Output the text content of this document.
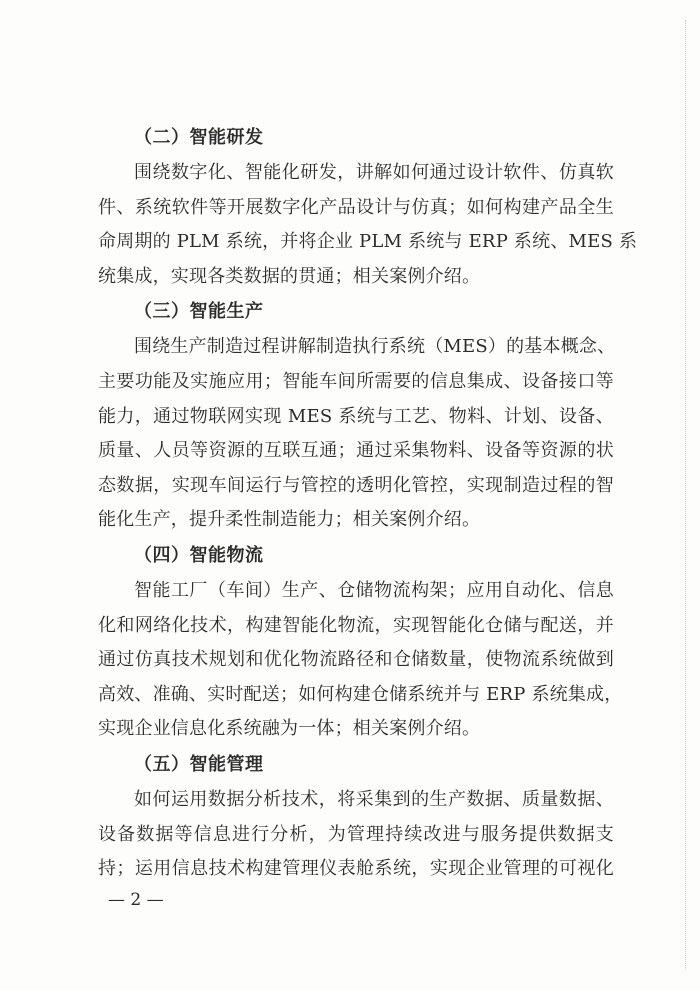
（二）智能研发
围绕数字化、智能化研发，讲解如何通过设计软件、仿真软
件、系统软件等开展数字化产品设计与仿真；如何构建产品全生
命周期的 PLM 系统，并将企业 PLM 系统与 ERP 系统、MES 系
统集成，实现各类数据的贯通；相关案例介绍。
（三）智能生产
围绕生产制造过程讲解制造执行系统（MES）的基本概念、
主要功能及实施应用；智能车间所需要的信息集成、设备接口等
能力，通过物联网实现 MES 系统与工艺、物料、计划、设备、
质量、人员等资源的互联互通；通过采集物料、设备等资源的状
态数据，实现车间运行与管控的透明化管控，实现制造过程的智
能化生产，提升柔性制造能力；相关案例介绍。
（四）智能物流
智能工厂（车间）生产、仓储物流构架；应用自动化、信息
化和网络化技术，构建智能化物流，实现智能化仓储与配送，并
通过仿真技术规划和优化物流路径和仓储数量，使物流系统做到
高效、准确、实时配送；如何构建仓储系统并与 ERP 系统集成，
实现企业信息化系统融为一体；相关案例介绍。
（五）智能管理
如何运用数据分析技术，将采集到的生产数据、质量数据、
设备数据等信息进行分析，为管理持续改进与服务提供数据支
持；运用信息技术构建管理仪表舱系统，实现企业管理的可视化
— 2 —
